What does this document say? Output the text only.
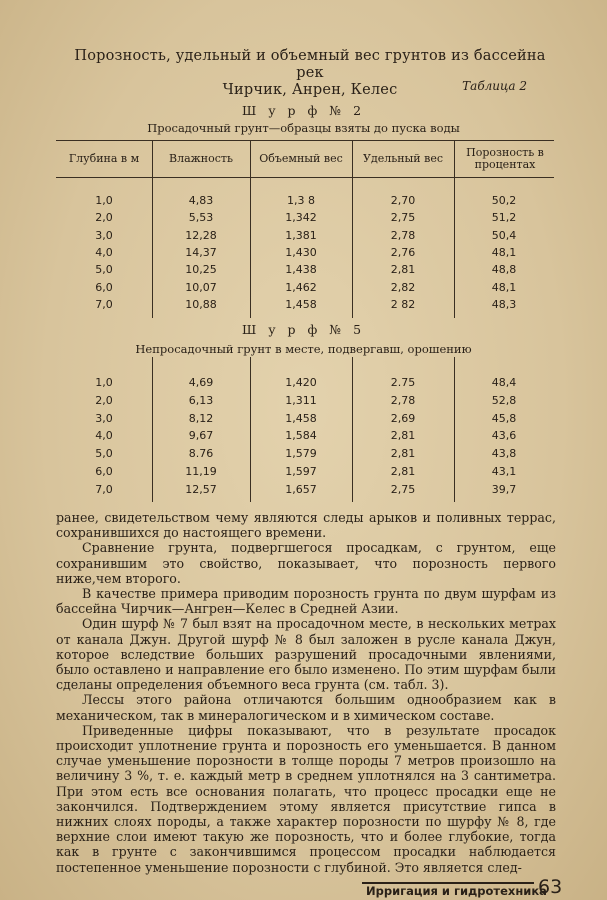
Порозность, удельный и объемный вес грунтов из бассейна рек
Чирчик, Анрен, Келес	Таблица 2
Ш у р ф № 2
Просадочный грунт—образцы взяты до пуска воды
Глубина в м	Влажность	Объемный вес	Удельный вес	Порозность в процентах
1,0	4,83	1,3 8	2,70	50,2
2,0	5,53	1,342	2,75	51,2
3,0	12,28	1,381	2,78	50,4
4,0	14,37	1,430	2,76	48,1
5,0	10,25	1,438	2,81	48,8
6,0	10,07	1,462	2,82	48,1
7,0	10,88	1,458	2 82	48,3
Ш у р ф № 5
Непросадочный грунт в месте, подвергавш, орошению
1,0	4,69	1,420	2.75	48,4
2,0	6,13	1,311	2,78	52,8
3,0	8,12	1,458	2,69	45,8
4,0	9,67	1,584	2,81	43,6
5,0	8.76	1,579	2,81	43,8
6,0	11,19	1,597	2,81	43,1
7,0	12,57	1,657	2,75	39,7

ранее, свидетельством чему являются следы арыков и поливных террас, сохранившихся до настоящего времени.

Сравнение грунта, подвергшегося просадкам, с грунтом, еще сохранившим это свойство, показывает, что порозность первого ниже,чем второго.

В качестве примера приводим порозность грунта по двум шурфам из бассейна Чирчик—Ангрен—Келес в Средней Азии.

Один шурф № 7 был взят на просадочном месте, в нескольких метрах от канала Джун. Другой шурф № 8 был заложен в русле канала Джун, которое вследствие больших разрушений просадочными явлениями, было оставлено и направление его было изменено. По этим шурфам были сделаны определения объемного веса грунта (см. табл. 3).

Лессы этого района отличаются большим однообразием как в механическом, так в минералогическом и в химическом составе.

Приведенные цифры показывают, что в результате просадок происходит уплотнение грунта и порозность его уменьшается. В данном случае уменьшение порозности в толще породы 7 метров произошло на величину 3 %, т. е. каждый метр в среднем уплотнялся на 3 сантиметра. При этом есть все основания полагать, что процесс просадки еще не закончился. Подтверждением этому является присутствие гипса в нижних слоях породы, а также характер порозности по шурфу № 8, где верхние слои имеют такую же порозность, что и более глубокие, тогда как в грунте с закончившимся процессом просадки наблюдается постепенное уменьшение порозности с глубиной. Это является след-

Ирригация и гидротехника
63
